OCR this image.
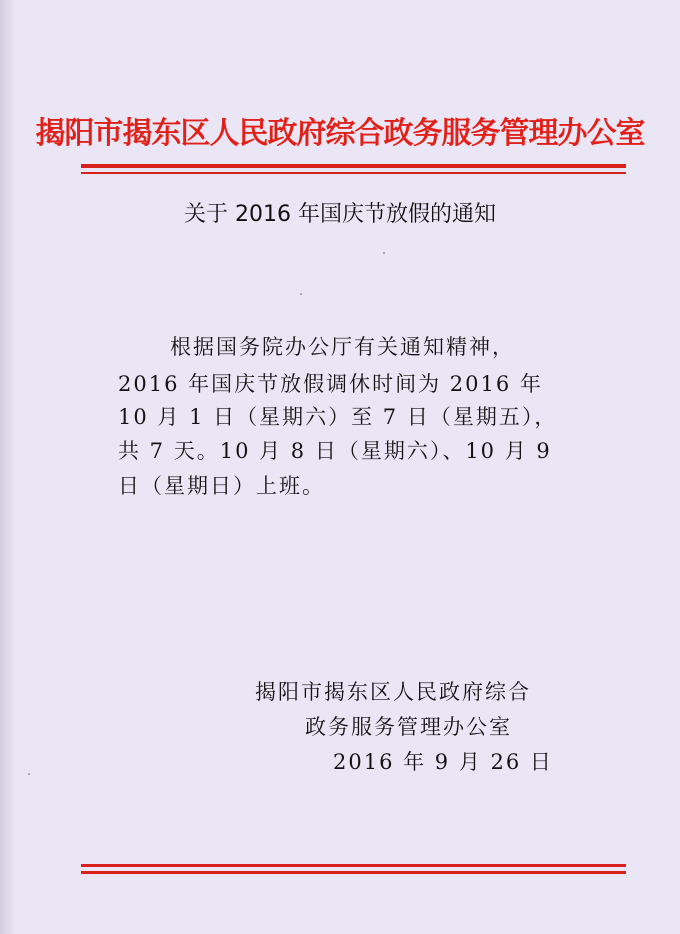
揭阳市揭东区人民政府综合政务服务管理办公室
关于 2016 年国庆节放假的通知
根据国务院办公厅有关通知精神，
2016 年国庆节放假调休时间为 2016 年
10 月 1 日（星期六）至 7 日（星期五），
共 7 天。10 月 8 日（星期六）、10 月 9
日（星期日）上班。
揭阳市揭东区人民政府综合
政务服务管理办公室
2016 年 9 月 26 日
